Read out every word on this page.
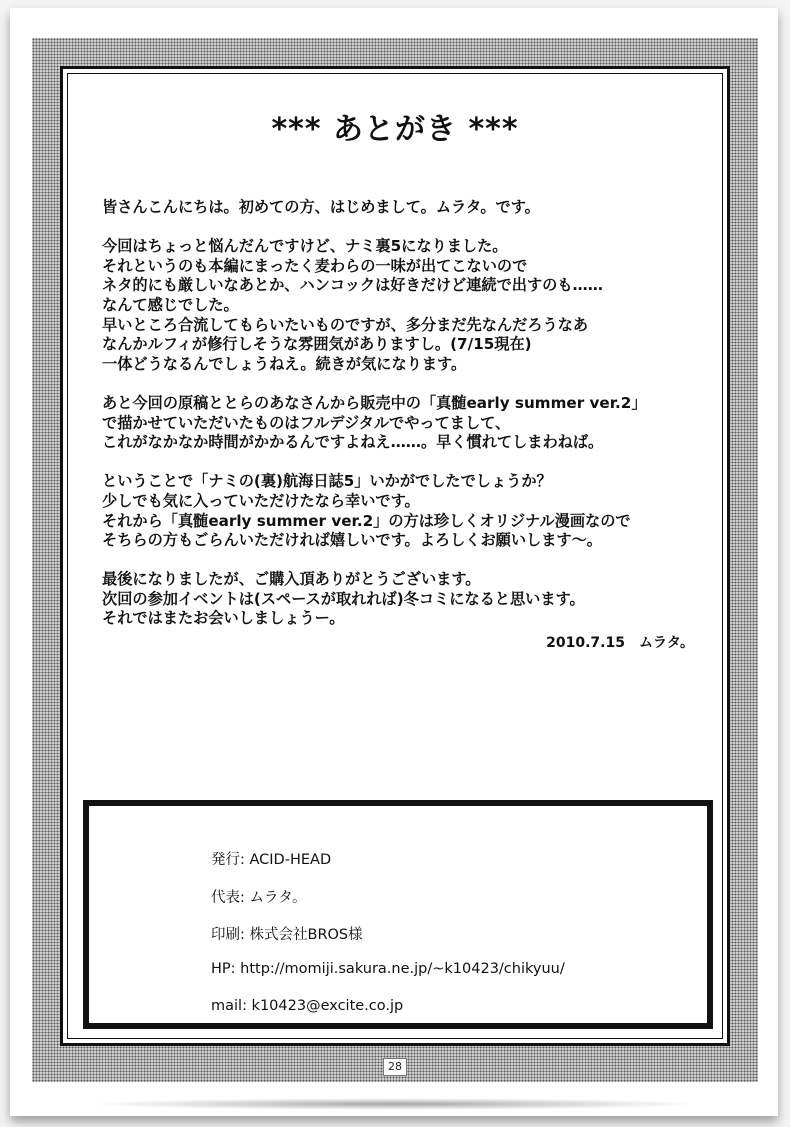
*** あとがき ***

皆さんこんにちは。初めての方、はじめまして。ムラタ。です。

今回はちょっと悩んだんですけど、ナミ裏5になりました。
それというのも本編にまったく麦わらの一味が出てこないので
ネタ的にも厳しいなあとか、ハンコックは好きだけど連続で出すのも……
なんて感じでした。
早いところ合流してもらいたいものですが、多分まだ先なんだろうなあ
なんかルフィが修行しそうな雰囲気がありますし。(7/15現在)
一体どうなるんでしょうねえ。続きが気になります。

あと今回の原稿ととらのあなさんから販売中の「真髄early summer ver.2」
で描かせていただいたものはフルデジタルでやってまして、
これがなかなか時間がかかるんですよねえ……。早く慣れてしまわねば。

ということで「ナミの(裏)航海日誌5」いかがでしたでしょうか？
少しでも気に入っていただけたなら幸いです。
それから「真髄early summer ver.2」の方は珍しくオリジナル漫画なので
そちらの方もごらんいただければ嬉しいです。よろしくお願いします～。

最後になりましたが、ご購入頂ありがとうございます。
次回の参加イベントは(スペースが取れれば)冬コミになると思います。
それではまたお会いしましょうー。

2010.7.15　ムラタ。
発行: ACID-HEAD
代表: ムラタ。
印刷: 株式会社BROS様
HP: http://momiji.sakura.ne.jp/~k10423/chikyuu/
mail: k10423@excite.co.jp
28
